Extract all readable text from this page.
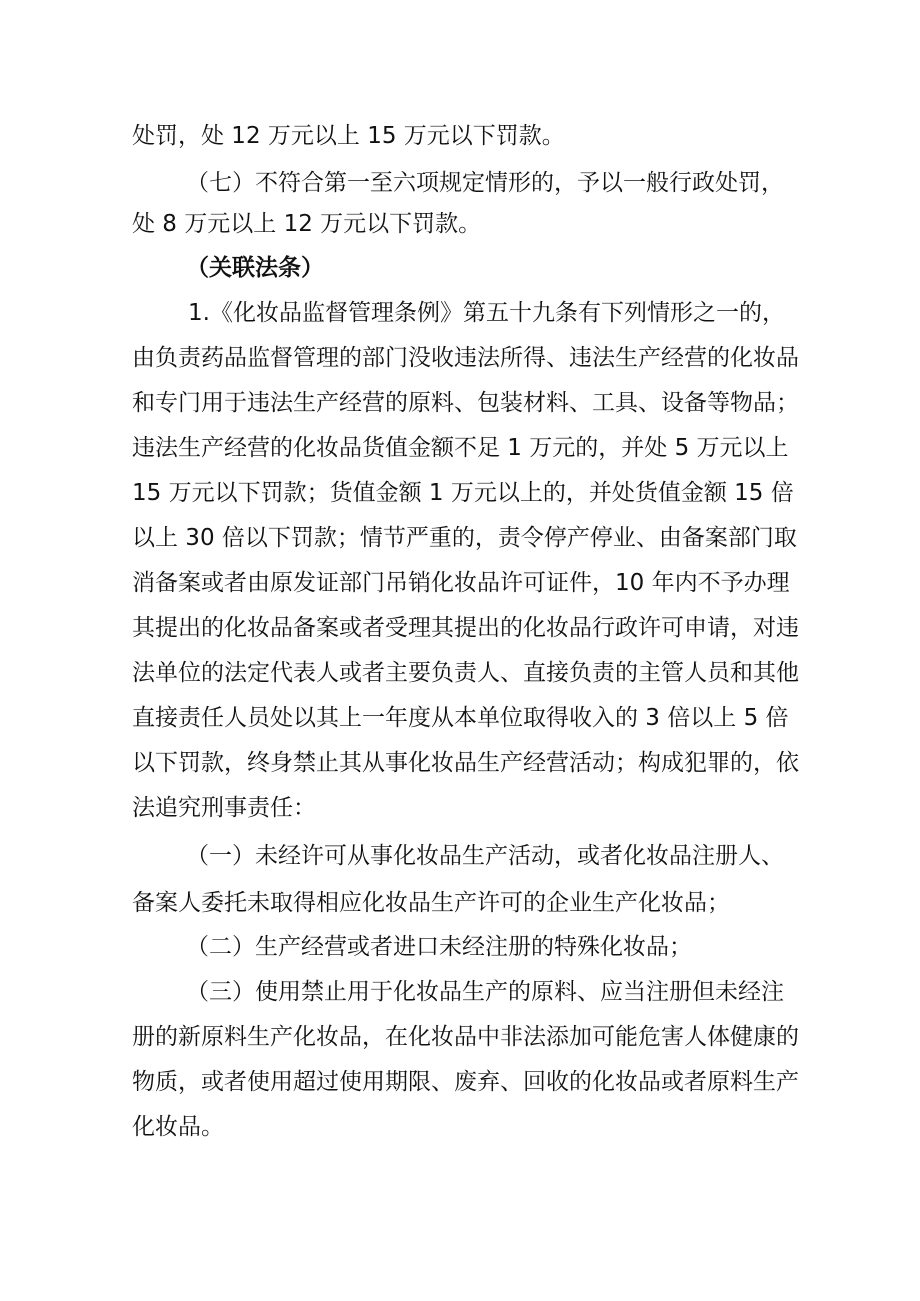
处罚，处 12 万元以上 15 万元以下罚款。
（七）不符合第一至六项规定情形的，予以一般行政处罚，
处 8 万元以上 12 万元以下罚款。
（关联法条）
1.《化妆品监督管理条例》第五十九条有下列情形之一的，
由负责药品监督管理的部门没收违法所得、违法生产经营的化妆品
和专门用于违法生产经营的原料、包装材料、工具、设备等物品；
违法生产经营的化妆品货值金额不足 1 万元的，并处 5 万元以上
15 万元以下罚款；货值金额 1 万元以上的，并处货值金额 15 倍
以上 30 倍以下罚款；情节严重的，责令停产停业、由备案部门取
消备案或者由原发证部门吊销化妆品许可证件，10 年内不予办理
其提出的化妆品备案或者受理其提出的化妆品行政许可申请，对违
法单位的法定代表人或者主要负责人、直接负责的主管人员和其他
直接责任人员处以其上一年度从本单位取得收入的 3 倍以上 5 倍
以下罚款，终身禁止其从事化妆品生产经营活动；构成犯罪的，依
法追究刑事责任：
（一）未经许可从事化妆品生产活动，或者化妆品注册人、
备案人委托未取得相应化妆品生产许可的企业生产化妆品；
（二）生产经营或者进口未经注册的特殊化妆品；
（三）使用禁止用于化妆品生产的原料、应当注册但未经注
册的新原料生产化妆品，在化妆品中非法添加可能危害人体健康的
物质，或者使用超过使用期限、废弃、回收的化妆品或者原料生产
化妆品。
